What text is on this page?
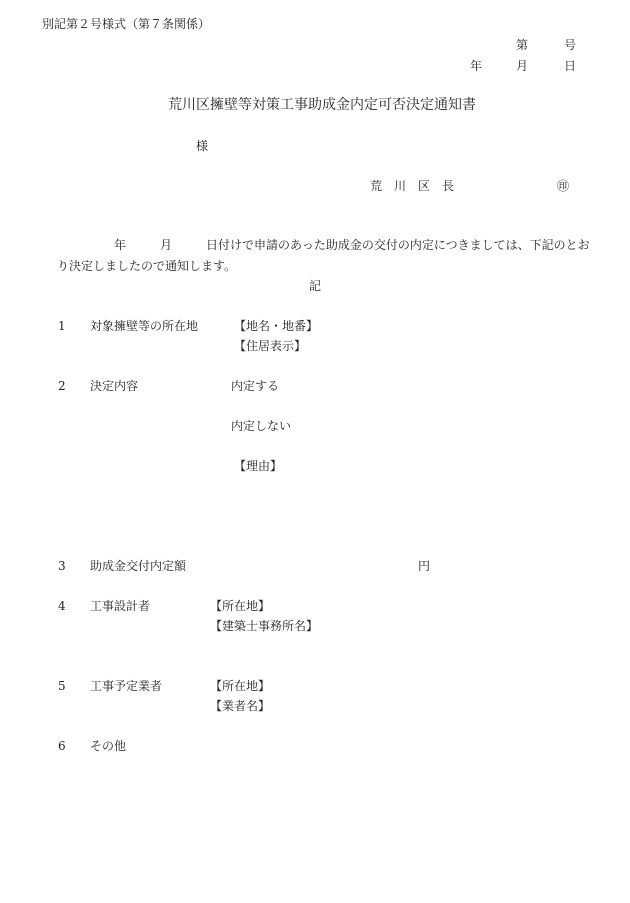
別記第２号様式（第７条関係）
第	号
年	月	日
荒川区擁壁等対策工事助成金内定可否決定通知書
様
荒　川　区　長	㊞
年	月	日付けで申請のあった助成金の交付の内定につきましては、下記のとお
り決定しましたので通知します。
記
1 対象擁壁等の所在地	【地名・地番】
【住居表示】
2 決定内容	内定する
内定しない
【理由】
3 助成金交付内定額	円
4 工事設計者	【所在地】
【建築士事務所名】
5 工事予定業者	【所在地】
【業者名】
6 その他
